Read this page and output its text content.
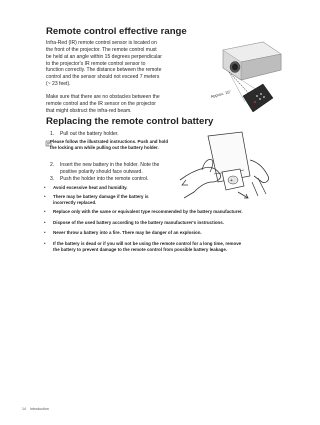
Remote control effective range
Infra-Red (IR) remote control sensor is located on
the front of the projector. The remote control must
be held at an angle within 15 degrees perpendicular
to the projector's IR remote control sensor to
function correctly. The distance between the remote
control and the sensor should not exceed 7 meters
(~ 23 feet).
Make sure that there are no obstacles between the
remote control and the IR sensor on the projector
that might obstruct the infra-red beam.
Approx. 15°
Replacing the remote control battery
1. Pull out the battery holder.
Please follow the illustrated instructions. Push and hold
the locking arm while pulling out the battery holder.
2. Insert the new battery in the holder. Note the
positive polarity should face outward.
3. Push the holder into the remote control.	+
•	Avoid excessive heat and humidity.
•	There may be battery damage if the battery is
incorrectly replaced.
•	Replace only with the same or equivalent type recommended by the battery manufacturer.
•	Dispose of the used battery according to the battery manufacturer's instructions.
•	Never throw a battery into a fire. There may be danger of an explosion.
•	If the battery is dead or if you will not be using the remote control for a long time, remove
the battery to prevent damage to the remote control from possible battery leakage.
14 Introduction
